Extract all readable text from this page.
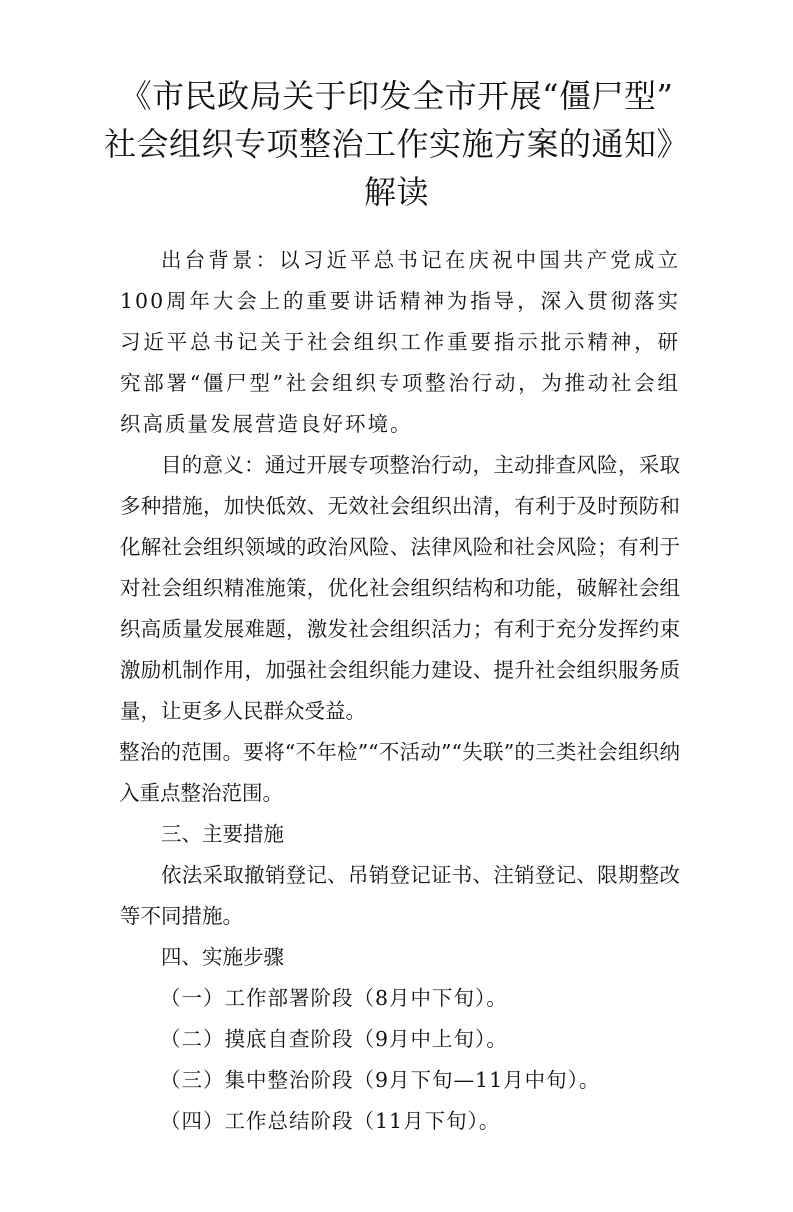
《市民政局关于印发全市开展“僵尸型”
社会组织专项整治工作实施方案的通知》
解读

出台背景：以习近平总书记在庆祝中国共产党成立100周年大会上的重要讲话精神为指导，深入贯彻落实习近平总书记关于社会组织工作重要指示批示精神，研究部署“僵尸型”社会组织专项整治行动，为推动社会组织高质量发展营造良好环境。

目的意义：通过开展专项整治行动，主动排查风险，采取多种措施，加快低效、无效社会组织出清，有利于及时预防和化解社会组织领域的政治风险、法律风险和社会风险；有利于对社会组织精准施策，优化社会组织结构和功能，破解社会组织高质量发展难题，激发社会组织活力；有利于充分发挥约束激励机制作用，加强社会组织能力建设、提升社会组织服务质量，让更多人民群众受益。

整治的范围。要将“不年检”“不活动”“失联”的三类社会组织纳入重点整治范围。

三、主要措施

依法采取撤销登记、吊销登记证书、注销登记、限期整改等不同措施。

四、实施步骤

（一）工作部署阶段（8月中下旬）。
（二）摸底自查阶段（9月中上旬）。
（三）集中整治阶段（9月下旬—11月中旬）。
（四）工作总结阶段（11月下旬）。
